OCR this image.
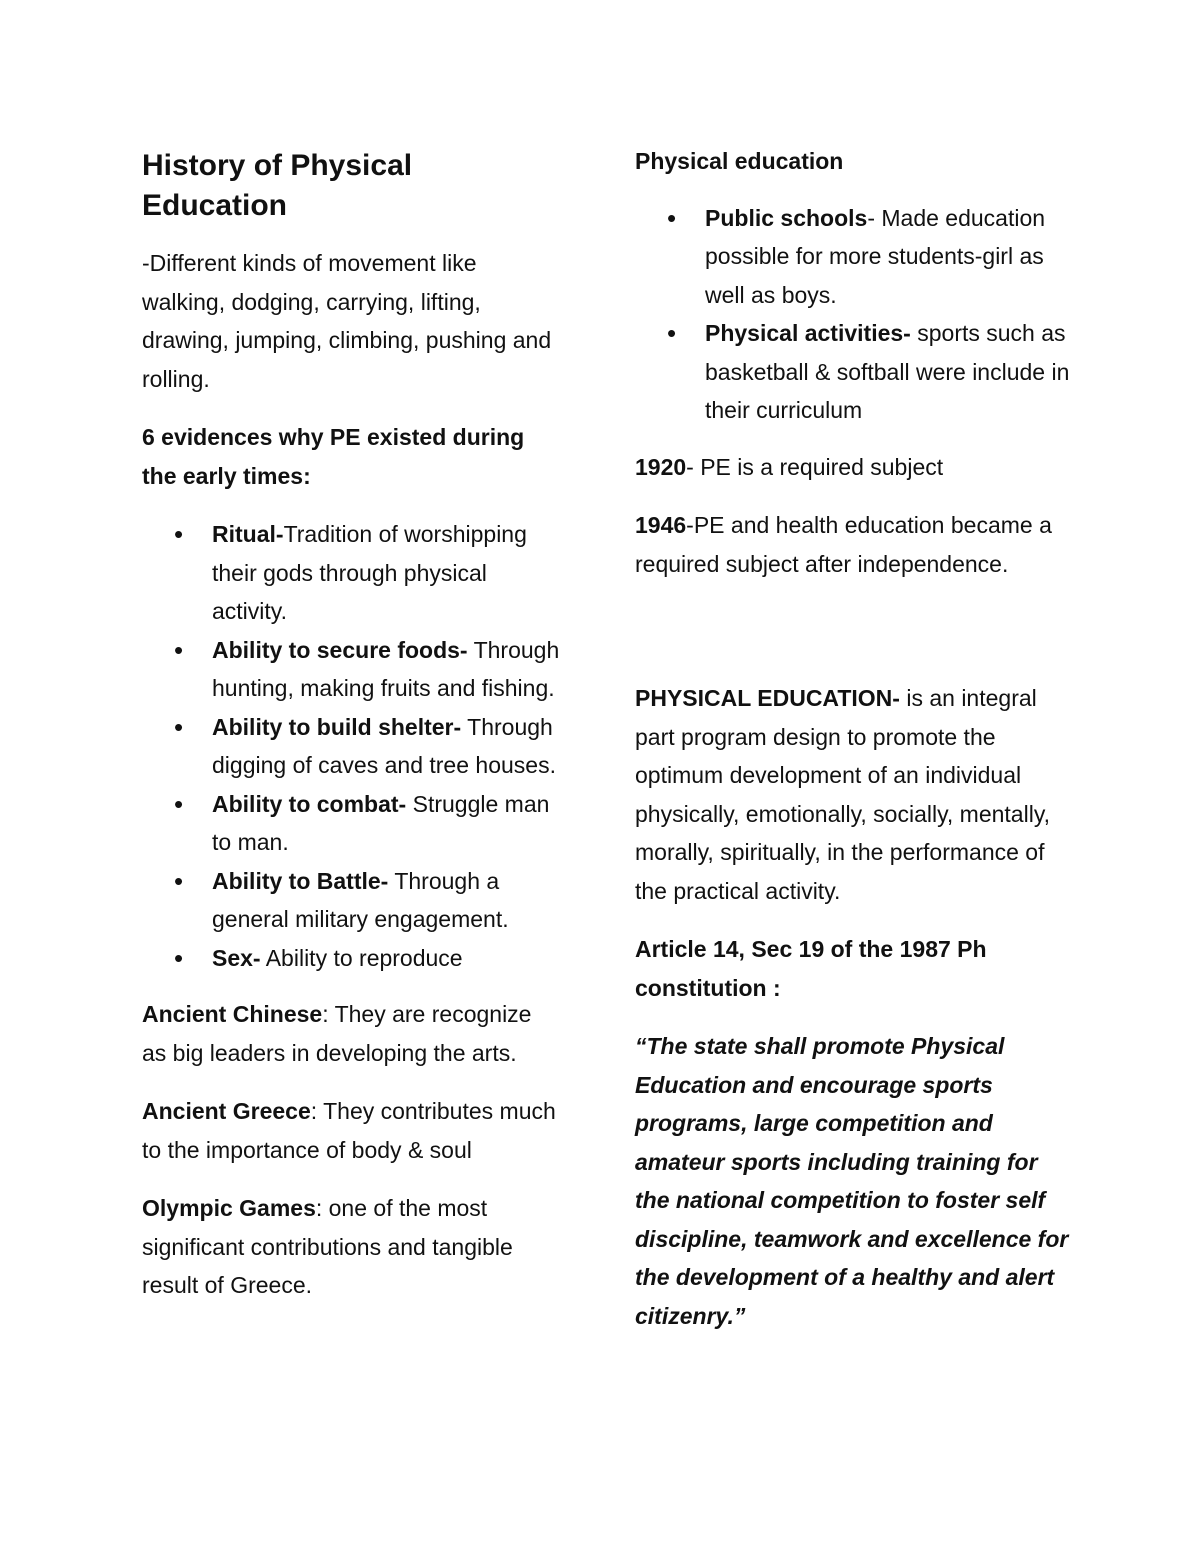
History of Physical Education

-Different kinds of movement like walking, dodging, carrying, lifting, drawing, jumping, climbing, pushing and rolling.

6 evidences why PE existed during the early times:

• Ritual-Tradition of worshipping their gods through physical activity.
• Ability to secure foods- Through hunting, making fruits and fishing.
• Ability to build shelter- Through digging of caves and tree houses.
• Ability to combat- Struggle man to man.
• Ability to Battle- Through a general military engagement.
• Sex- Ability to reproduce

Ancient Chinese: They are recognize as big leaders in developing the arts.

Ancient Greece: They contributes much to the importance of body & soul

Olympic Games: one of the most significant contributions and tangible result of Greece.

Physical education

• Public schools- Made education possible for more students-girl as well as boys.
• Physical activities- sports such as basketball & softball were include in their curriculum

1920- PE is a required subject

1946-PE and health education became a required subject after independence.

PHYSICAL EDUCATION- is an integral part program design to promote the optimum development of an individual physically, emotionally, socially, mentally, morally, spiritually, in the performance of the practical activity.

Article 14, Sec 19 of the 1987 Ph constitution :

“The state shall promote Physical Education and encourage sports programs, large competition and amateur sports including training for the national competition to foster self discipline, teamwork and excellence for the development of a healthy and alert citizenry.”
